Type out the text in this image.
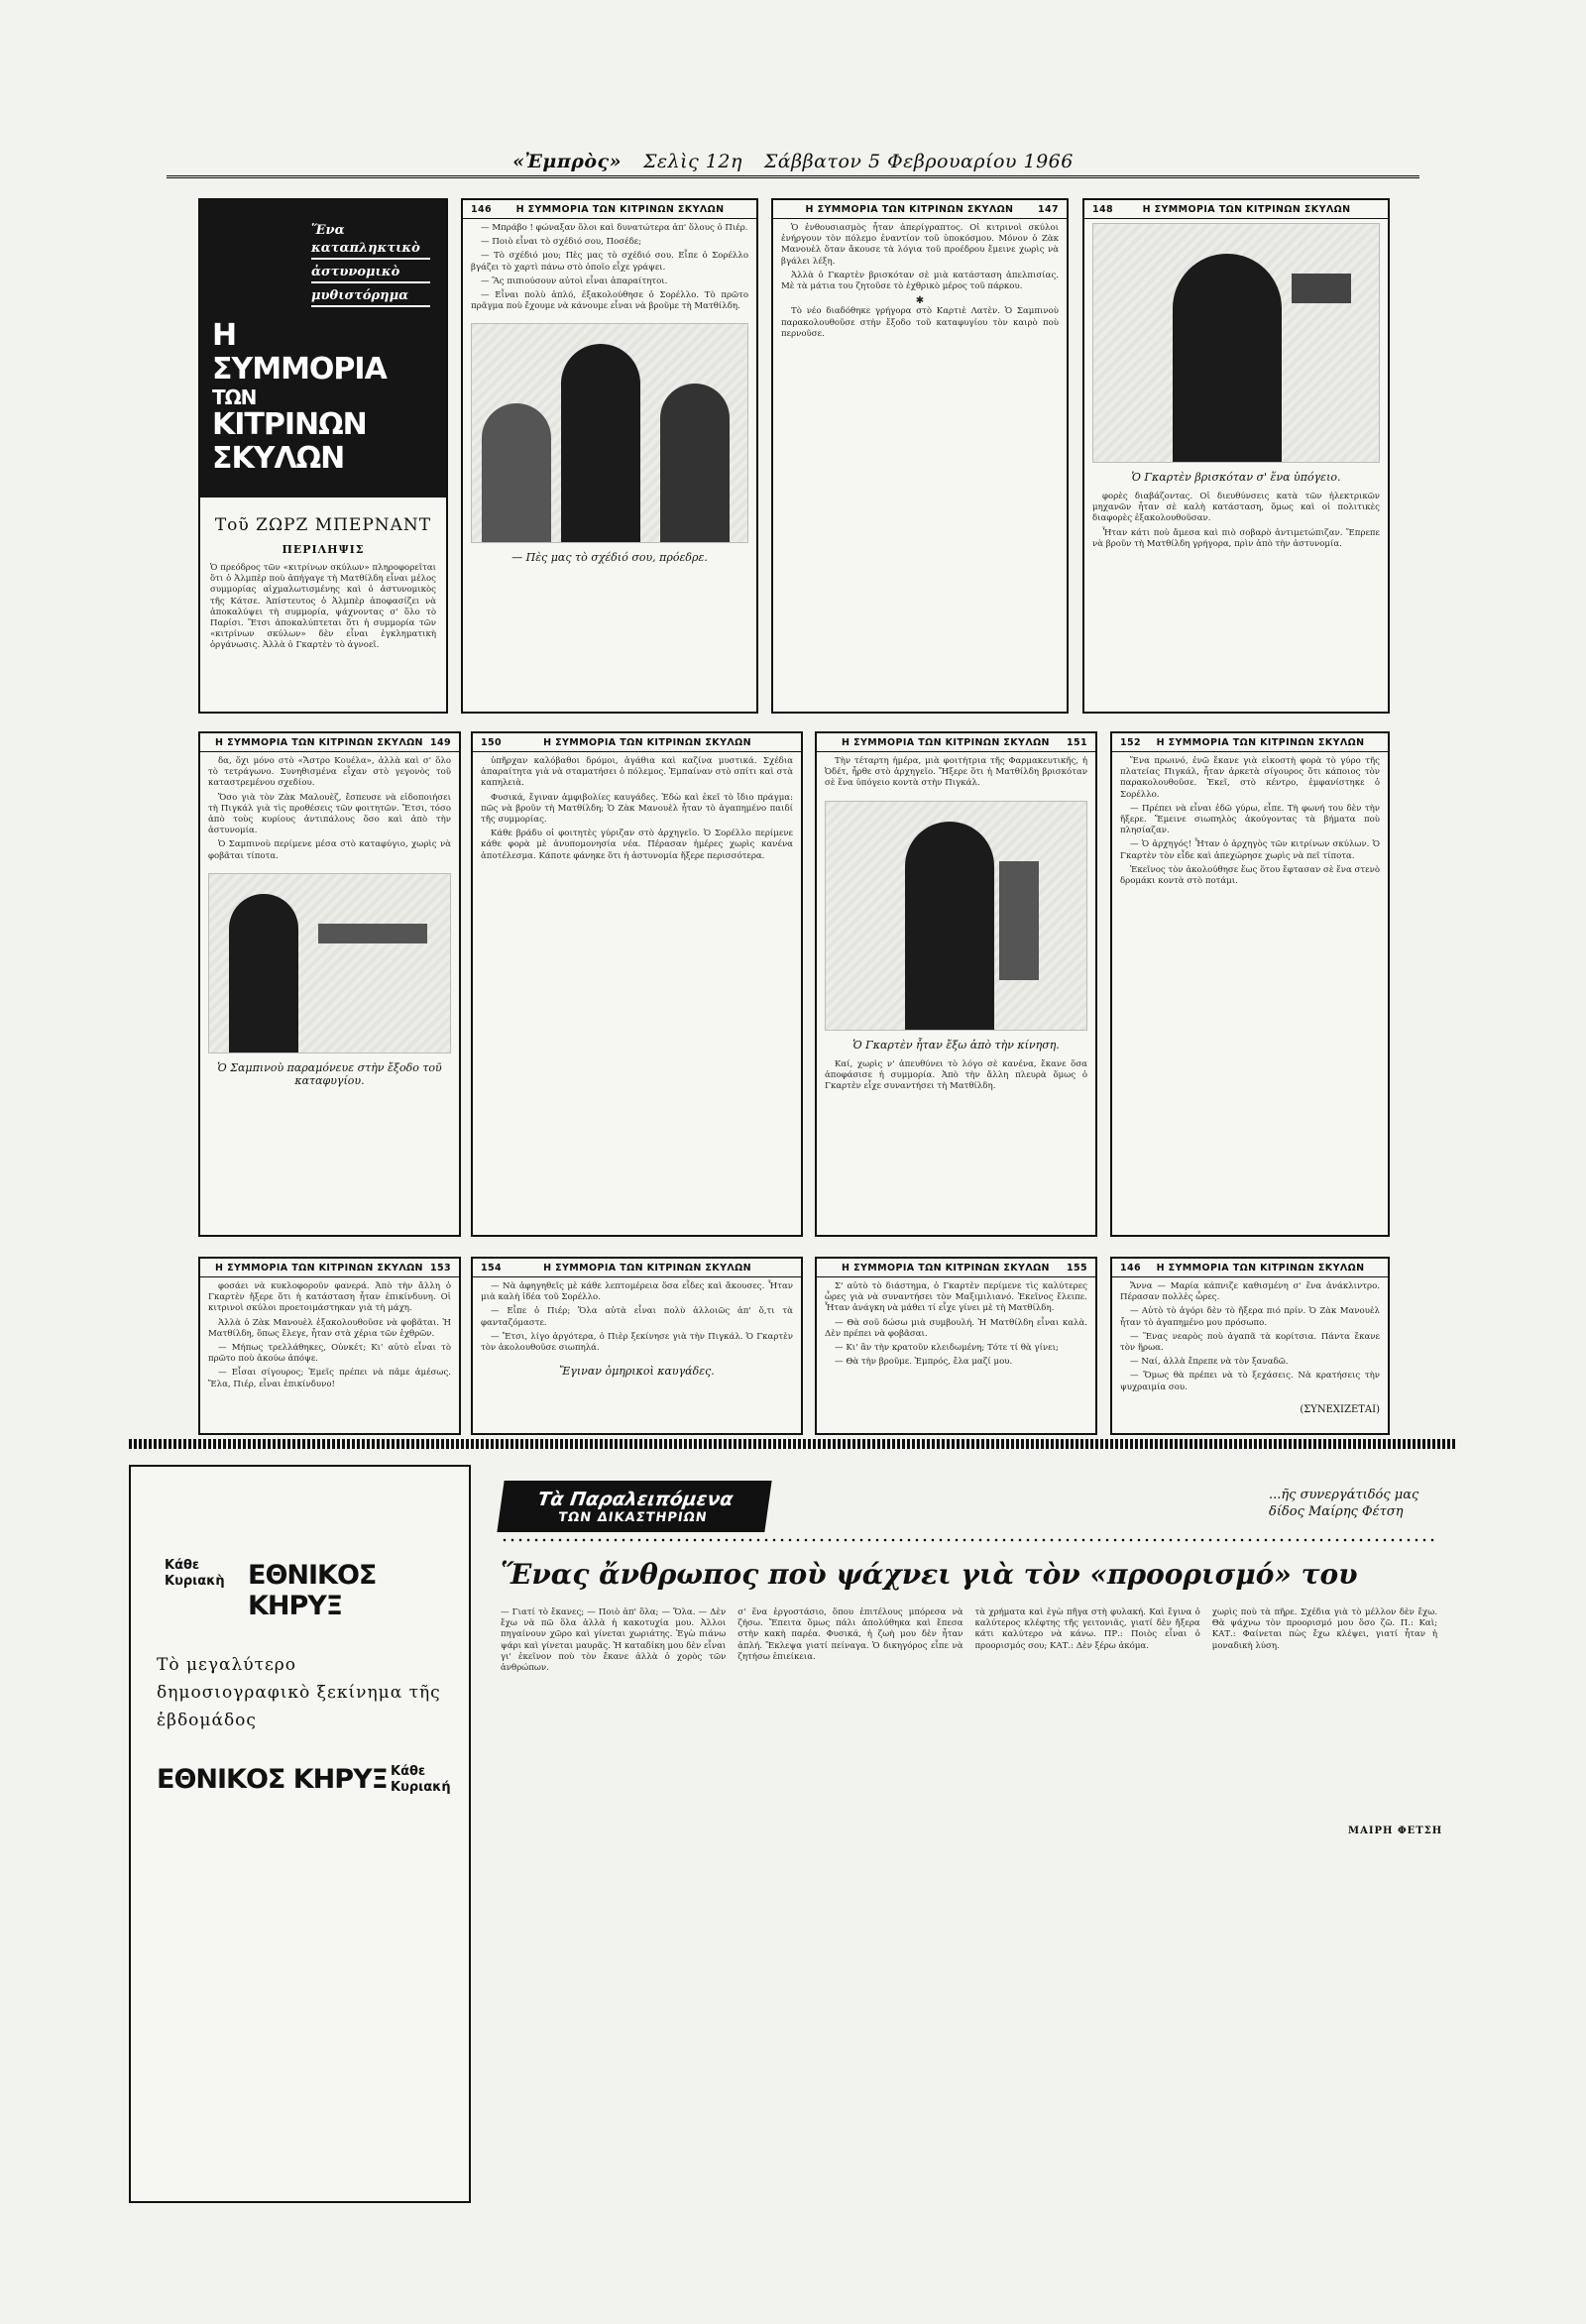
«Ἐμπρὸς» Σελὶς 12η Σάββατον 5 Φεβρουαρίου 1966
Ἕνα καταπληκτικὸ
ἀστυνομικὸ
μυθιστόρημα
Η
ΣΥΜΜΟΡΙΑ
ΤΩΝ
ΚΙΤΡΙΝΩΝ
ΣΚΥΛΩΝ
Τοῦ ΖΩΡΖ ΜΠΕΡΝΑΝΤ
ΠΕΡΙΛΗΨΙΣ
Ὁ πρεόδρος τῶν «κιτρίνων σκύλων» πληροφορεῖται ὅτι ὁ Ἀλμπὲρ ποὺ ἀπήγαγε τὴ Ματθίλδη εἶναι μέλος συμμορίας αἰχμαλωτισμένης καὶ ὁ ἀστυνομικὸς τῆς Κάτσε. Ἀπίστευτος ὁ Ἀλμπὲρ ἀποφασίζει νὰ ἀποκαλύψει τὴ συμμορία, ψάχνοντας σ' ὅλο τὸ Παρίσι. Ἔτσι ἀποκαλύπτεται ὅτι ἡ συμμορία τῶν «κιτρίνων σκύλων» δὲν εἶναι ἐγκληματικὴ ὀργάνωσις. Ἀλλὰ ὁ Γκαρτὲν τὸ ἀγνοεῖ.
146	Η ΣΥΜΜΟΡΙΑ ΤΩΝ ΚΙΤΡΙΝΩΝ ΣΚΥΛΩΝ

— Μπράβο ! φώναξαν ὅλοι καὶ δυνατώτερα ἀπ' ὅλους ὁ Πιέρ.

— Ποιὸ εἶναι τὸ σχέδιό σου, Ποσέδε;

— Τὸ σχέδιό μου; Πὲς μας τὸ σχέδιό σου. Εἶπε ὁ Σορέλλο βγάζει τὸ χαρτὶ πάνω στὸ ὁποῖο εἶχε γράψει.

— Ἂς πιπιούσουν αὐτοὶ εἶναι ἀπαραίτητοι.

— Εἶναι πολὺ ἁπλό, ἐξακολούθησε ὁ Σορέλλο. Τὸ πρῶτο πρᾶγμα ποὺ ἔχουμε νὰ κάνουμε εἶναι νὰ βροῦμε τὴ Ματθίλδη.

— Πὲς μας τὸ σχέδιό σου, πρόεδρε.
Η ΣΥΜΜΟΡΙΑ ΤΩΝ ΚΙΤΡΙΝΩΝ ΣΚΥΛΩΝ	147

Ὁ ἐνθουσιασμὸς ἦταν ἀπερίγραπτος. Οἱ κιτρινοὶ σκύλοι ἐνήργουν τὸν πόλεμο ἐναντίον τοῦ ὑποκόσμου. Μόνον ὁ Ζὰκ Μανουὲλ ὅταν ἄκουσε τὰ λόγια τοῦ προέδρου ἔμεινε χωρὶς νὰ βγάλει λέξη.

Ἀλλὰ ὁ Γκαρτὲν βρισκόταν σὲ μιὰ κατάσταση ἀπελπισίας. Μὲ τὰ μάτια του ζητοῦσε τὸ ἐχθρικὸ μέρος τοῦ πάρκου.

✱

Τὸ νέο διαδόθηκε γρήγορα στὸ Καρτιὲ Λατὲν. Ὁ Σαμπινοὺ παρακολουθοῦσε στὴν ἔξοδο τοῦ καταφυγίου τὸν καιρὸ ποὺ περνοῦσε.

148	Η ΣΥΜΜΟΡΙΑ ΤΩΝ ΚΙΤΡΙΝΩΝ ΣΚΥΛΩΝ
Ὁ Γκαρτὲν βρισκόταν σ' ἕνα ὑπόγειο.

φορὲς διαβάζοντας. Οἱ διευθύνσεις κατὰ τῶν ἠλεκτρικῶν μηχανῶν ἦταν σὲ καλὴ κατάσταση, ὅμως καὶ οἱ πολιτικὲς διαφορὲς ἐξακολουθοῦσαν.

Ἦταν κάτι ποὺ ἄμεσα καὶ πιὸ σοβαρὸ ἀντιμετώπιζαν. Ἔπρεπε νὰ βροῦν τὴ Ματθίλδη γρήγορα, πρὶν ἀπὸ τὴν ἀστυνομία.

Η ΣΥΜΜΟΡΙΑ ΤΩΝ ΚΙΤΡΙΝΩΝ ΣΚΥΛΩΝ 149

δα, ὄχι μόνο στὸ «Ἄστρο Κουέλα», ἀλλὰ καὶ σ' ὅλο τὸ τετράγωνο. Συνηθισμένα εἶχαν στὸ γεγονὸς τοῦ καταστρεμένου σχεδίου.

Ὅσο γιὰ τὸν Ζὰκ Μαλουὲζ, ἔσπευσε νὰ εἰδοποιήσει τὴ Πιγκάλ γιὰ τὶς προθέσεις τῶν φοιτητῶν. Ἔτσι, τόσο ἀπὸ τοὺς κυρίους ἀντιπάλους ὅσο καὶ ἀπὸ τὴν ἀστυνομία.

Ὁ Σαμπινοὺ περίμενε μέσα στὸ καταφύγιο, χωρὶς νὰ φοβᾶται τίποτα.

Ὁ Σαμπινοὺ παραμόνευε στὴν ἔξοδο τοῦ καταφυγίου.
150	Η ΣΥΜΜΟΡΙΑ ΤΩΝ ΚΙΤΡΙΝΩΝ ΣΚΥΛΩΝ

ὑπῆρχαν καλόβαθοι δρόμοι, ἀγάθια καὶ καζίνα μυστικά. Σχέδια ἀπαραίτητα γιὰ νὰ σταματήσει ὁ πόλεμος. Ἐμπαίναν στὸ σπίτι καὶ στὰ καπηλειὰ.

Φυσικά, ἔγιναν ἀμφιβολίες καυγάδες. Ἐδὼ καὶ ἐκεῖ τὸ ἴδιο πράγμα: πῶς νὰ βροῦν τὴ Ματθίλδη; Ὁ Ζὰκ Μανουὲλ ἦταν τὸ ἀγαπημένο παιδί τῆς συμμορίας.

Κάθε βράδυ οἱ φοιτητὲς γύριζαν στὸ ἀρχηγεῖο. Ὁ Σορέλλο περίμενε κάθε φορὰ μὲ ἀνυπομονησία νέα. Πέρασαν ἡμέρες χωρὶς κανένα ἀποτέλεσμα. Κάποτε φάνηκε ὅτι ἡ ἀστυνομία ἤξερε περισσότερα.

Η ΣΥΜΜΟΡΙΑ ΤΩΝ ΚΙΤΡΙΝΩΝ ΣΚΥΛΩΝ 151

Τὴν τέταρτη ἡμέρα, μιὰ φοιτήτρια τῆς Φαρμακευτικῆς, ἡ Ὀδέτ, ἦρθε στὸ ἀρχηγεῖο. Ἤξερε ὅτι ἡ Ματθίλδη βρισκόταν σὲ ἕνα ὑπόγειο κοντὰ στὴν Πιγκάλ.

Ὁ Γκαρτὲν ἦταν ἔξω ἀπὸ τὴν κίνηση.

Καί, χωρὶς ν' ἀπευθύνει τὸ λόγο σὲ κανένα, ἔκανε ὅσα ἀποφάσισε ἡ συμμορία. Ἀπὸ τὴν ἄλλη πλευρὰ ὅμως ὁ Γκαρτὲν εἶχε συναντήσει τὴ Ματθίλδη.

152 Η ΣΥΜΜΟΡΙΑ ΤΩΝ ΚΙΤΡΙΝΩΝ ΣΚΥΛΩΝ

Ἕνα πρωινό, ἐνῶ ἔκανε γιὰ εἰκοστὴ φορὰ τὸ γύρο τῆς πλατείας Πιγκάλ, ἦταν ἀρκετὰ σίγουρος ὅτι κάποιος τὸν παρακολουθοῦσε. Ἐκεῖ, στὸ κέντρο, ἐμφανίστηκε ὁ Σορέλλο.

— Πρέπει νὰ εἶναι ἐδῶ γύρω, εἶπε. Τὴ φωνή του δὲν τὴν ἤξερε. Ἔμεινε σιωπηλὸς ἀκούγοντας τὰ βήματα ποὺ πλησίαζαν.

— Ὁ ἀρχηγός! Ἦταν ὁ ἀρχηγὸς τῶν κιτρίνων σκύλων. Ὁ Γκαρτὲν τὸν εἶδε καὶ ἀπεχώρησε χωρὶς νὰ πεῖ τίποτα.

Ἐκεῖνος τὸν ἀκολούθησε ἕως ὅτου ἔφτασαν σὲ ἕνα στενὸ δρομάκι κοντὰ στὸ ποτάμι.

Η ΣΥΜΜΟΡΙΑ ΤΩΝ ΚΙΤΡΙΝΩΝ ΣΚΥΛΩΝ 153

φοσάει νὰ κυκλοφοροῦν φανερά. Ἀπὸ τὴν ἄλλη ὁ Γκαρτὲν ἤξερε ὅτι ἡ κατάσταση ἦταν ἐπικίνδυνη. Οἱ κιτρινοὶ σκύλοι προετοιμάστηκαν γιὰ τὴ μάχη.

Ἀλλὰ ὁ Ζὰκ Μανουὲλ ἐξακολουθοῦσε νὰ φοβᾶται. Ἡ Ματθίλδη, ὅπως ἔλεγε, ἦταν στὰ χέρια τῶν ἐχθρῶν.

— Μήπως τρελλάθηκες, Οὐνκέτ; Κι' αὐτὸ εἶναι τὸ πρῶτο ποὺ ἀκούω ἀπόψε.

— Εἶσαι σίγουρος; Ἐμεῖς πρέπει νὰ πᾶμε ἀμέσως. Ἔλα, Πιέρ, εἶναι ἐπικίνδυνο!

154	Η ΣΥΜΜΟΡΙΑ ΤΩΝ ΚΙΤΡΙΝΩΝ ΣΚΥΛΩΝ

— Νὰ ἀφηγηθεῖς μὲ κάθε λεπτομέρεια ὅσα εἶδες καὶ ἄκουσες. Ἦταν μιὰ καλὴ ἰδέα τοῦ Σορέλλο.

— Εἶπε ὁ Πιέρ; Ὅλα αὐτὰ εἶναι πολὺ ἀλλοιῶς ἀπ' ὅ,τι τὰ φανταζόμαστε.

— Ἔτσι, λίγο ἀργότερα, ὁ Πιὲρ ξεκίνησε γιὰ τὴν Πιγκάλ. Ὁ Γκαρτὲν τὸν ἀκολουθοῦσε σιωπηλά.

Ἔγιναν ὀμηρικοὶ καυγάδες.
Η ΣΥΜΜΟΡΙΑ ΤΩΝ ΚΙΤΡΙΝΩΝ ΣΚΥΛΩΝ 155

Σ' αὐτὸ τὸ διάστημα, ὁ Γκαρτὲν περίμενε τὶς καλύτερες ὧρες γιὰ νὰ συναντήσει τὸν Μαξιμιλιανό. Ἐκεῖνος ἔλειπε. Ἦταν ἀνάγκη νὰ μάθει τί εἶχε γίνει μὲ τὴ Ματθίλδη.

— Θὰ σοῦ δώσω μιὰ συμβουλή. Ἡ Ματθίλδη εἶναι καλὰ. Δὲν πρέπει νὰ φοβᾶσαι.

— Κι' ἂν τὴν κρατοῦν κλειδωμένη; Τότε τί θὰ γίνει;

— Θὰ τὴν βροῦμε. Ἐμπρός, ἔλα μαζί μου.

146 Η ΣΥΜΜΟΡΙΑ ΤΩΝ ΚΙΤΡΙΝΩΝ ΣΚΥΛΩΝ

Ἄννα — Μαρία κάπνιζε καθισμένη σ' ἕνα ἀνάκλιντρο. Πέρασαν πολλὲς ὧρες.

— Αὐτὸ τὸ ἀγόρι δὲν τὸ ἤξερα πιό πρίν. Ὁ Ζὰκ Μανουὲλ ἦταν τὸ ἀγαπημένο μου πρόσωπο.

— Ἕνας νεαρὸς ποὺ ἀγαπᾶ τὰ κορίτσια. Πάντα ἔκανε τὸν ἥρωα.

— Ναί, ἀλλὰ ἔπρεπε νὰ τὸν ξαναδῶ.

— Ὅμως θὰ πρέπει νὰ τὸ ξεχάσεις. Νὰ κρατήσεις τὴν ψυχραιμία σου.

(ΣΥΝΕΧΙΖΕΤΑΙ)
Κάθε
Κυριακὴ ΕΘΝΙΚΟΣ ΚΗΡΥΞ
Τὸ μεγαλύτερο δημοσιογραφικὸ ξεκίνημα τῆς ἑβδομάδος
ΕΘΝΙΚΟΣ ΚΗΡΥΞ Κάθε
Κυριακή
Τὰ Παραλειπόμενα
ΤΩΝ ΔΙΚΑΣΤΗΡΙΩΝ
...ῆς συνεργάτιδός μας
δίδος Μαίρης Φέτση
Ἕνας ἄνθρωπος ποὺ ψάχνει γιὰ τὸν «προορισμό» του

— Γιατί τὸ ἔκανες; — Ποιὸ ἀπ' ὅλα; — Ὅλα. — Δὲν ἔχω νὰ πῶ ὅλα ἀλλὰ ἡ κακοτυχία μου. Ἀλλοι πηγαίνουν χῶρο καὶ γίνεται χωριάτης. Ἐγὼ πιάνω ψάρι καὶ γίνεται μαυρᾶς. Ἡ καταδίκη μου δὲν εἶναι γι' ἐκεῖνον ποὺ τὸν ἔκανε ἀλλὰ ὁ χορὸς τῶν ἀνθρώπων.

σ' ἕνα ἐργοστάσιο, ὅπου ἐπιτέλους μπόρεσα νὰ ζήσω. Ἔπειτα ὅμως πάλι ἀπολύθηκα καὶ ἔπεσα στὴν κακὴ παρέα. Φυσικά, ἡ ζωὴ μου δὲν ἦταν ἁπλή. Ἔκλεψα γιατί πείναγα. Ὁ δικηγόρος εἶπε νὰ ζητήσω ἐπιείκεια.

τὰ χρήματα καὶ ἐγὼ πῆγα στὴ φυλακή. Καὶ ἔγινα ὁ καλύτερος κλέφτης τῆς γειτονιᾶς, γιατί δὲν ἤξερα κάτι καλύτερο νὰ κάνω. ΠΡ.: Ποιὸς εἶναι ὁ προορισμός σου; ΚΑΤ.: Δὲν ξέρω ἀκόμα.

χωρὶς ποὺ τὰ πῆρε. Σχέδια γιὰ τὸ μέλλον δὲν ἔχω. Θὰ ψάχνω τὸν προορισμό μου ὅσο ζῶ. Π.: Καὶ; ΚΑΤ.: Φαίνεται πὼς ἔχω κλέψει, γιατί ἦταν ἡ μοναδικὴ λύση.

ΜΑΙΡΗ ΦΕΤΣΗ
